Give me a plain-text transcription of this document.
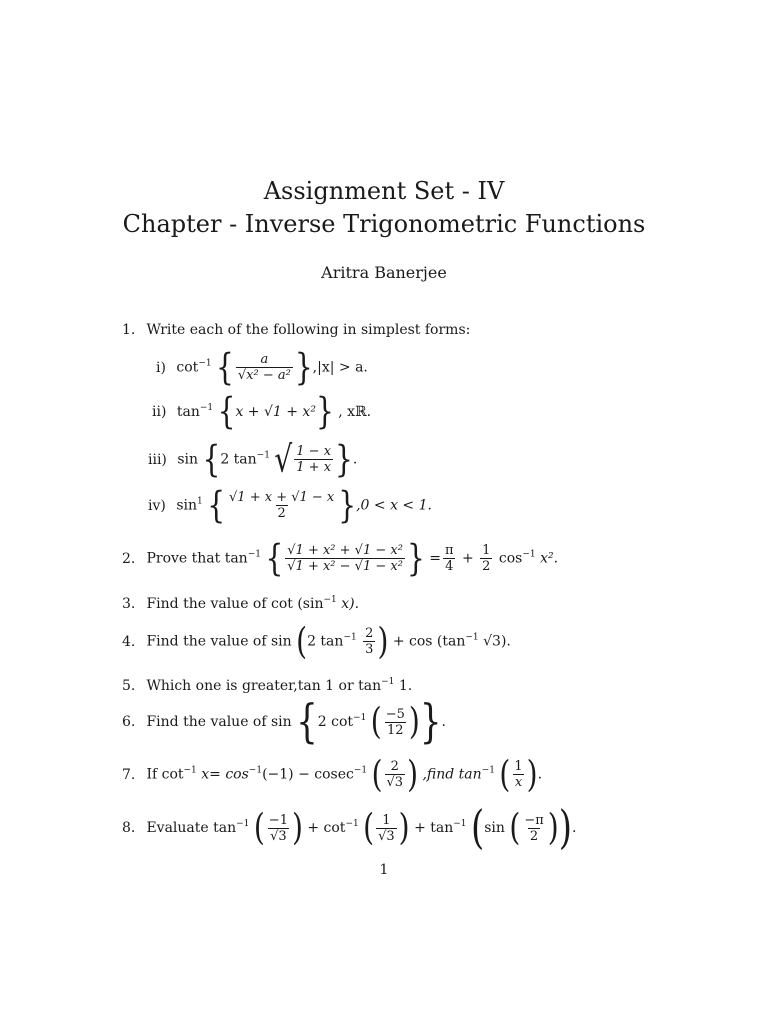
Assignment Set - IV
Chapter - Inverse Trigonometric Functions
Aritra Banerjee
1. Write each of the following in simplest forms:
i) $\cot^{-1}$ { $\frac{a}{\text{√x² − a²}} \},|x| > a$.
ii) $\tan^{-1} \{x + √1 + x^2\}$ , xℝ.
iii) sin {2 $\tan^{-1}$ √ $\frac{1 - x}{1 + x}$ }.
iv) $\sin^1$ { $\frac{√1 + x + √1 - x}{2} \},0 < x < 1$.
2. Prove that $\tan^{-1}$ { $\frac{\text{√1 + x² + √1 − x²}}{\text{√1 + x² − √1 − x²}}$ } = $\frac{\pi}{4} + \frac{1}{2} \cos^{-1} x^2$.
3. Find the value of $\cot (\sin^{-1}$ x).
4. Find the value of sin (2 $\tan^{-1} \frac{2}{3}$ ) + $\cos (\tan^{-1}$ √3).
5. Which one is greater,tan 1 or $\tan^{-1} 1$.
6. Find the value of sin {2 $\cot^{-1}$ ( $\frac{-5}{12}$ )}.
7. If $\cot^{-1} x= \cos^{-1}(-1) - cosec^{-1}$ ( $\frac{2}{√3}$ ) ,find $\tan^{-1}$ ( $\frac{1}{x}$ ).
8. Evaluate $\tan^{-1}$ ( $\frac{-1}{√3}$ ) + $\cot^{-1}$ ( $\frac{1}{√3}$ ) + $\tan^{-1} (\sin$ ( $\frac{-\pi}{2}$ )).
1
